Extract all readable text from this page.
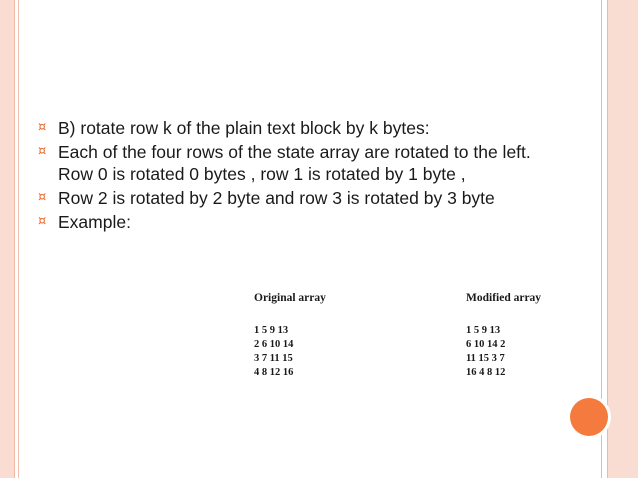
¤ B) rotate row k of the plain text block by k bytes:
¤ Each of the four rows of the state array are rotated to the left. Row 0 is rotated 0 bytes , row 1 is rotated by 1 byte ,
¤ Row 2 is rotated by 2 byte and row 3 is rotated by 3 byte
¤ Example:
Original array
1 5 9 13
2 6 10 14
3 7 11 15
4 8 12 16
Modified array
1 5 9 13
6 10 14 2
11 15 3 7
16 4 8 12
